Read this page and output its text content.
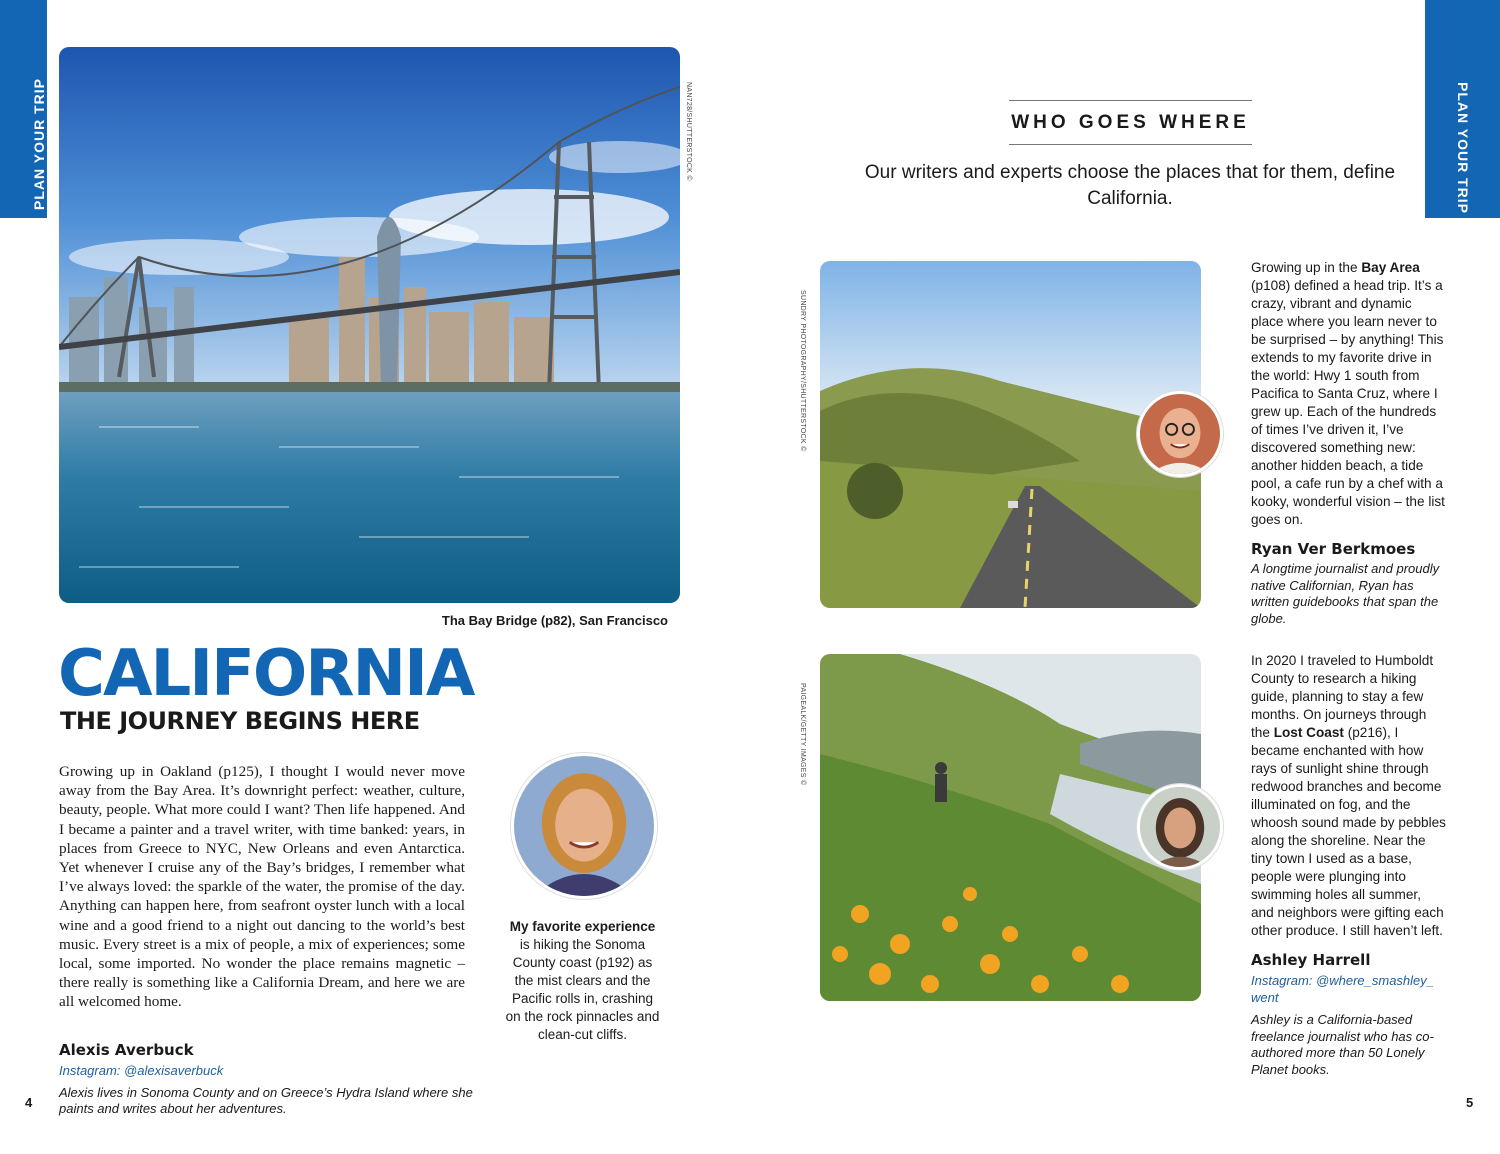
PLAN YOUR TRIP	PLAN YOUR TRIP
NAN728/SHUTTERSTOCK ©
Tha Bay Bridge (p82), San Francisco
CALIFORNIA
THE JOURNEY BEGINS HERE
Growing up in Oakland (p125), I thought I would never move away from the Bay Area. It’s downright perfect: weather, culture, beauty, people. What more could I want? Then life happened. And I became a painter and a travel writer, with time banked: years, in places from Greece to NYC, New Orleans and even Antarctica. Yet whenever I cruise any of the Bay’s bridges, I remember what I’ve always loved: the sparkle of the water, the promise of the day. Anything can happen here, from seafront oyster lunch with a local wine and a good friend to a night out dancing to the world’s best music. Every street is a mix of people, a mix of experiences; some local, some imported. No wonder the place remains magnetic – there really is something like a California Dream, and here we are all welcomed home.
Alexis Averbuck
Instagram: @alexisaverbuck
Alexis lives in Sonoma County and on Greece’s Hydra Island where she paints and writes about her adventures.
My favorite experience is hiking the Sonoma County coast (p192) as the mist clears and the Pacific rolls in, crashing on the rock pinnacles and clean-cut cliffs.
4
WHO GOES WHERE
Our writers and experts choose the places that for them, define California.
SUNDRY PHOTOGRAPHY/SHUTTERSTOCK ©
Growing up in the Bay Area (p108) defined a head trip. It’s a crazy, vibrant and dynamic place where you learn never to be surprised – by anything! This extends to my favorite drive in the world: Hwy 1 south from Pacifica to Santa Cruz, where I grew up. Each of the hundreds of times I’ve driven it, I’ve discovered something new: another hidden beach, a tide pool, a cafe run by a chef with a kooky, wonderful vision – the list goes on.
Ryan Ver Berkmoes
A longtime journalist and proudly native Californian, Ryan has written guidebooks that span the globe.
PAIGEALK/GETTY IMAGES ©
In 2020 I traveled to Humboldt County to research a hiking guide, planning to stay a few months. On journeys through the Lost Coast (p216), I became enchanted with how rays of sunlight shine through redwood branches and become illuminated on fog, and the whoosh sound made by pebbles along the shoreline. Near the tiny town I used as a base, people were plunging into swimming holes all summer, and neighbors were gifting each other produce. I still haven’t left.
Ashley Harrell
Instagram: @where_smashley_ went
Ashley is a California-based freelance journalist who has co-authored more than 50 Lonely Planet books.
5
